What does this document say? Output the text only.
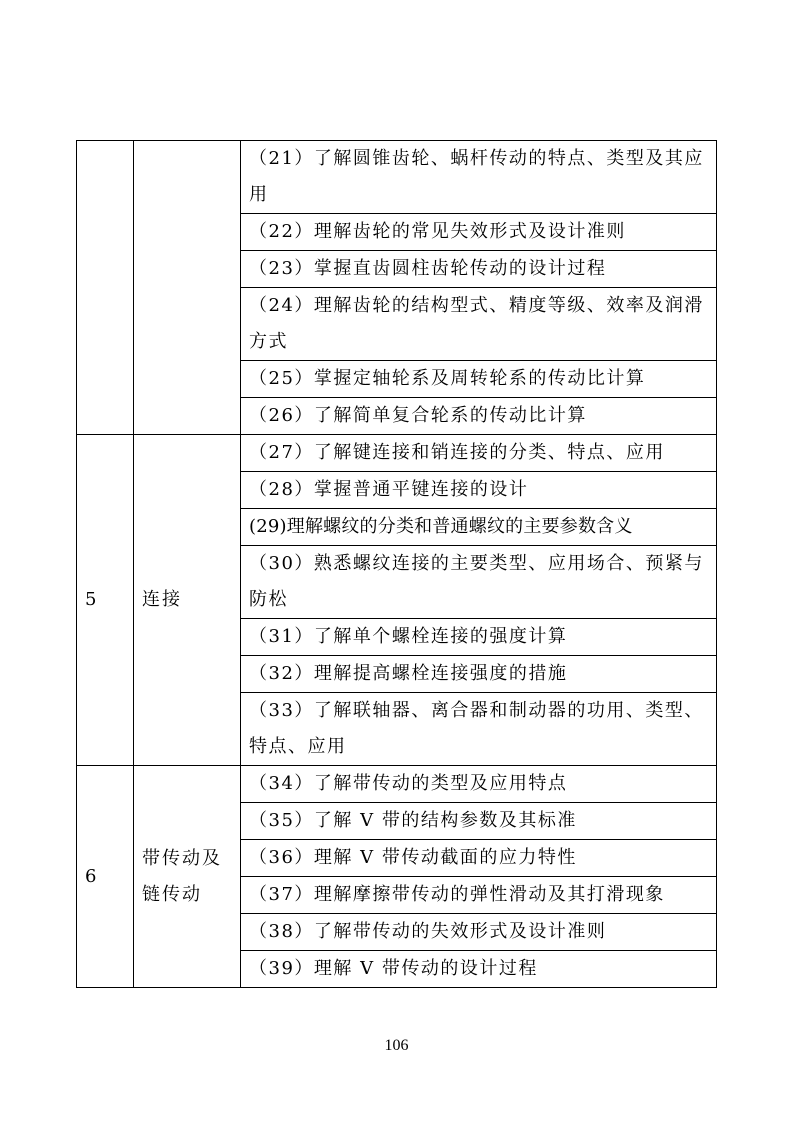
		（21）了解圆锥齿轮、蜗杆传动的特点、类型及其应用
		（22）理解齿轮的常见失效形式及设计准则
		（23）掌握直齿圆柱齿轮传动的设计过程
		（24）理解齿轮的结构型式、精度等级、效率及润滑方式
		（25）掌握定轴轮系及周转轮系的传动比计算
		（26）了解简单复合轮系的传动比计算
5	连接	（27）了解键连接和销连接的分类、特点、应用
		（28）掌握普通平键连接的设计
		(29)理解螺纹的分类和普通螺纹的主要参数含义
		（30）熟悉螺纹连接的主要类型、应用场合、预紧与防松
		（31）了解单个螺栓连接的强度计算
		（32）理解提高螺栓连接强度的措施
		（33）了解联轴器、离合器和制动器的功用、类型、特点、应用
6	带传动及链传动	（34）了解带传动的类型及应用特点
		（35）了解 V 带的结构参数及其标准
		（36）理解 V 带传动截面的应力特性
		（37）理解摩擦带传动的弹性滑动及其打滑现象
		（38）了解带传动的失效形式及设计准则
		（39）理解 V 带传动的设计过程
106
